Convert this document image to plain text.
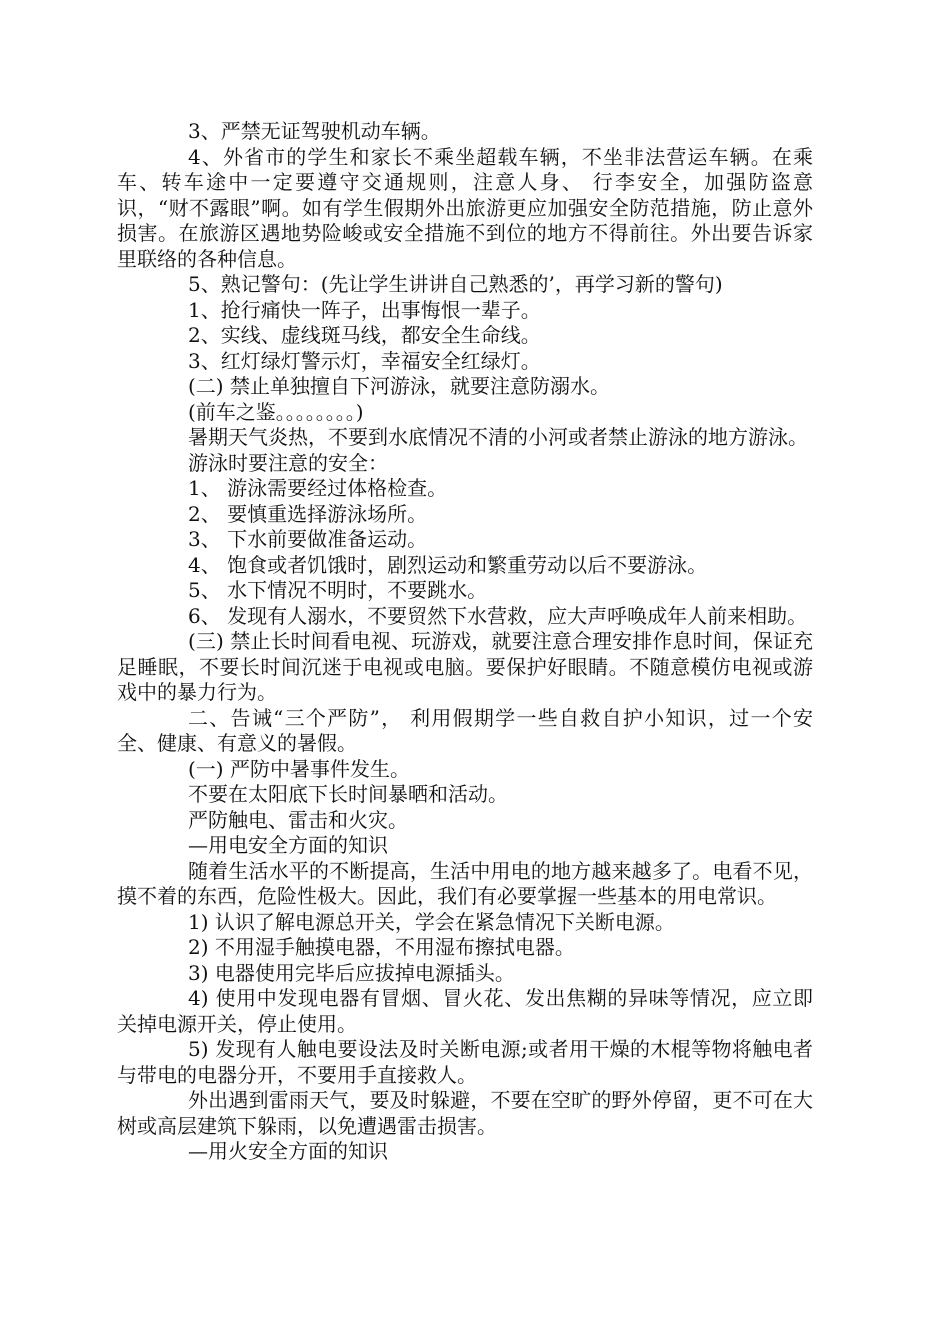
3、严禁无证驾驶机动车辆。

4、外省市的学生和家长不乘坐超载车辆，不坐非法营运车辆。在乘车、转车途中一定要遵守交通规则，注意人身、 行李安全，加强防盗意识，“财不露眼”啊。如有学生假期外出旅游更应加强安全防范措施，防止意外损害。在旅游区遇地势险峻或安全措施不到位的地方不得前往。外出要告诉家里联络的各种信息。

5、熟记警句：(先让学生讲讲自己熟悉的’，再学习新的警句)

1、抢行痛快一阵子，出事悔恨一辈子。

2、实线、虚线斑马线，都安全生命线。

3、红灯绿灯警示灯，幸福安全红绿灯。

(二) 禁止单独擅自下河游泳，就要注意防溺水。

(前车之鉴。。。。。。。。)

暑期天气炎热，不要到水底情况不清的小河或者禁止游泳的地方游泳。

游泳时要注意的安全：

1、 游泳需要经过体格检查。

2、 要慎重选择游泳场所。

3、 下水前要做准备运动。

4、 饱食或者饥饿时，剧烈运动和繁重劳动以后不要游泳。

5、 水下情况不明时，不要跳水。

6、 发现有人溺水，不要贸然下水营救，应大声呼唤成年人前来相助。

(三) 禁止长时间看电视、玩游戏，就要注意合理安排作息时间，保证充足睡眠，不要长时间沉迷于电视或电脑。要保护好眼睛。不随意模仿电视或游戏中的暴力行为。

二、告诫“三个严防”， 利用假期学一些自救自护小知识，过一个安全、健康、有意义的暑假。

(一) 严防中暑事件发生。

不要在太阳底下长时间暴晒和活动。

严防触电、雷击和火灾。

—用电安全方面的知识

随着生活水平的不断提高，生活中用电的地方越来越多了。电看不见，摸不着的东西，危险性极大。因此，我们有必要掌握一些基本的用电常识。

1) 认识了解电源总开关，学会在紧急情况下关断电源。

2) 不用湿手触摸电器，不用湿布擦拭电器。

3) 电器使用完毕后应拔掉电源插头。

4) 使用中发现电器有冒烟、冒火花、发出焦糊的异味等情况，应立即关掉电源开关，停止使用。

5) 发现有人触电要设法及时关断电源;或者用干燥的木棍等物将触电者与带电的电器分开，不要用手直接救人。

外出遇到雷雨天气，要及时躲避，不要在空旷的野外停留，更不可在大树或高层建筑下躲雨，以免遭遇雷击损害。

—用火安全方面的知识
